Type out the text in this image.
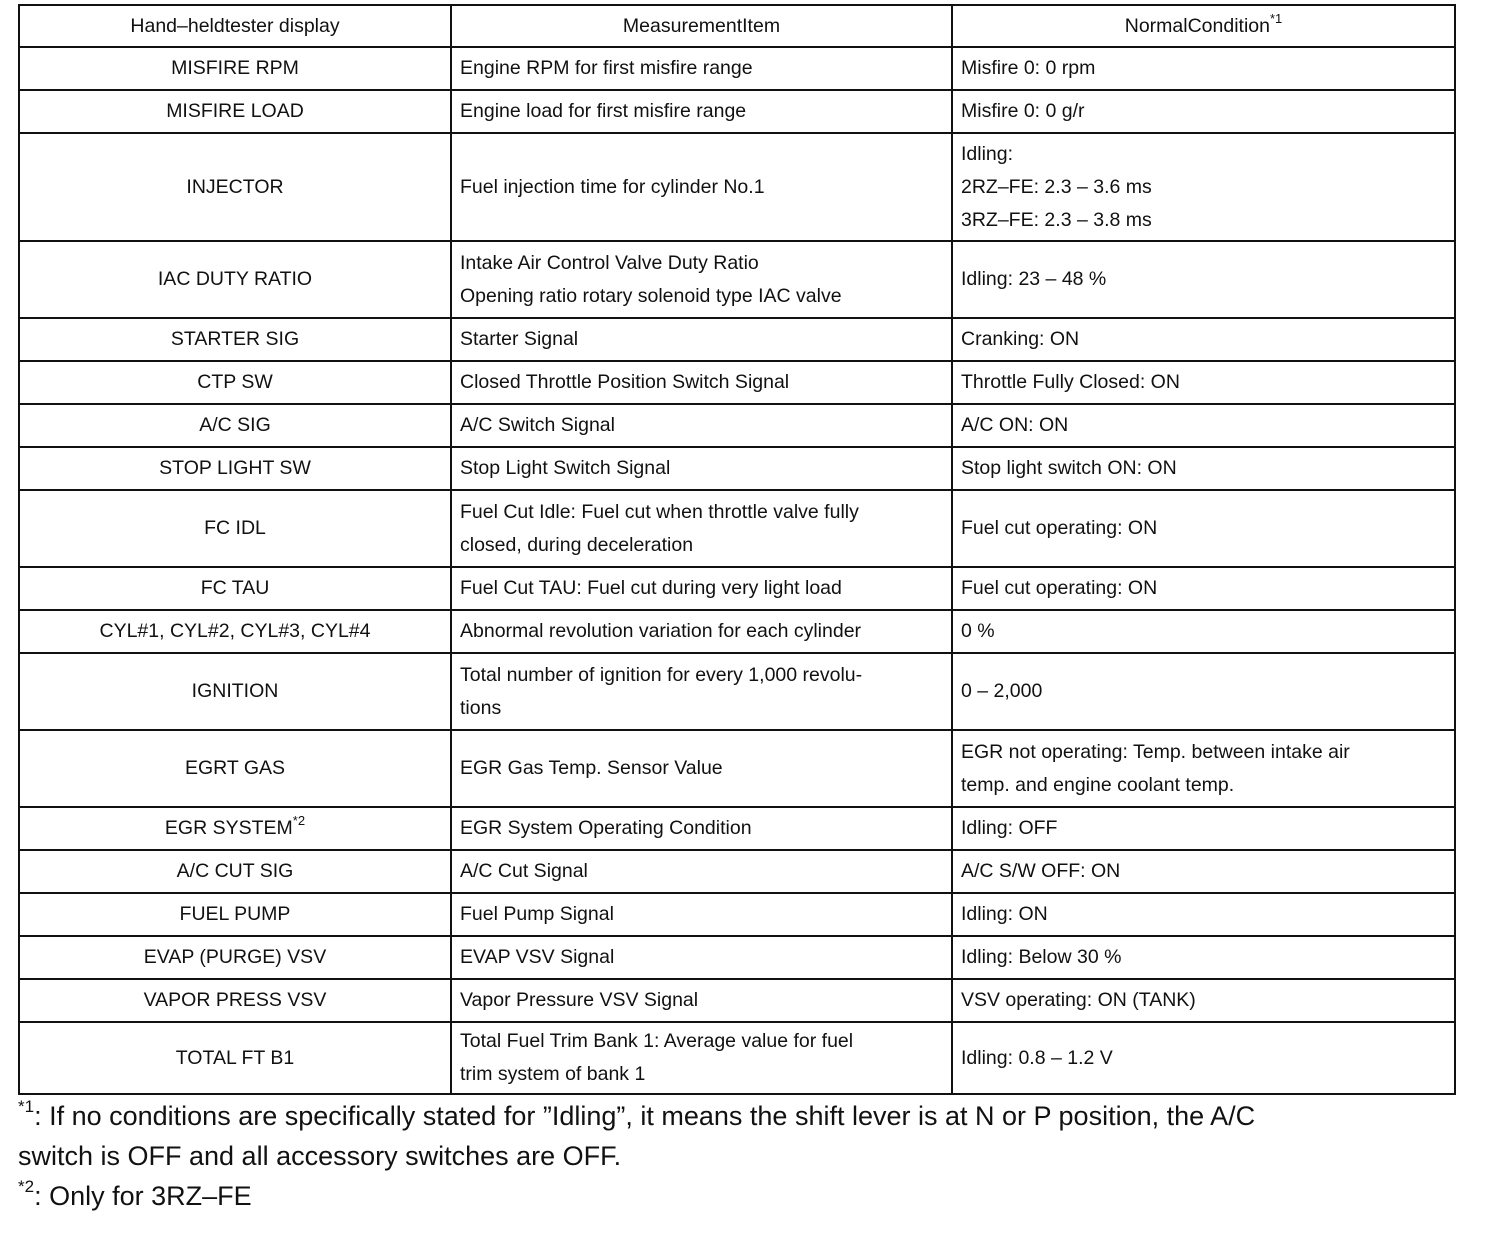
Hand–heldtester display	MeasurementItem	NormalCondition$^{*1}$
MISFIRE RPM	Engine RPM for first misfire range	Misfire 0: 0 rpm

MISFIRE LOAD	Engine load for first misfire range	Misfire 0: 0 g/r

INJECTOR	Fuel injection time for cylinder No.1	Idling:
2RZ–FE: 2.3 – 3.6 ms
3RZ–FE: 2.3 – 3.8 ms

IAC DUTY RATIO	Intake Air Control Valve Duty Ratio
Opening ratio rotary solenoid type IAC valve	Idling: 23 – 48 %

STARTER SIG	Starter Signal	Cranking: ON

CTP SW	Closed Throttle Position Switch Signal	Throttle Fully Closed: ON

A/C SIG	A/C Switch Signal	A/C ON: ON

STOP LIGHT SW	Stop Light Switch Signal	Stop light switch ON: ON

FC IDL	Fuel Cut Idle: Fuel cut when throttle valve fully
closed, during deceleration	Fuel cut operating: ON

FC TAU	Fuel Cut TAU: Fuel cut during very light load	Fuel cut operating: ON

CYL#1, CYL#2, CYL#3, CYL#4	Abnormal revolution variation for each cylinder	0 %

IGNITION	Total number of ignition for every 1,000 revolu-
tions	0 – 2,000

EGRT GAS	EGR Gas Temp. Sensor Value	EGR not operating: Temp. between intake air
temp. and engine coolant temp.

EGR SYSTEM$^{*2}$	EGR System Operating Condition	Idling: OFF

A/C CUT SIG	A/C Cut Signal	A/C S/W OFF: ON

FUEL PUMP	Fuel Pump Signal	Idling: ON

EVAP (PURGE) VSV	EVAP VSV Signal	Idling: Below 30 %

VAPOR PRESS VSV	Vapor Pressure VSV Signal	VSV operating: ON (TANK)

TOTAL FT B1	Total Fuel Trim Bank 1: Average value for fuel
trim system of bank 1	Idling: 0.8 – 1.2 V
$^{*1}$: If no conditions are specifically stated for ”Idling”, it means the shift lever is at N or P position, the A/C
switch is OFF and all accessory switches are OFF.
$^{*2}$: Only for 3RZ–FE
